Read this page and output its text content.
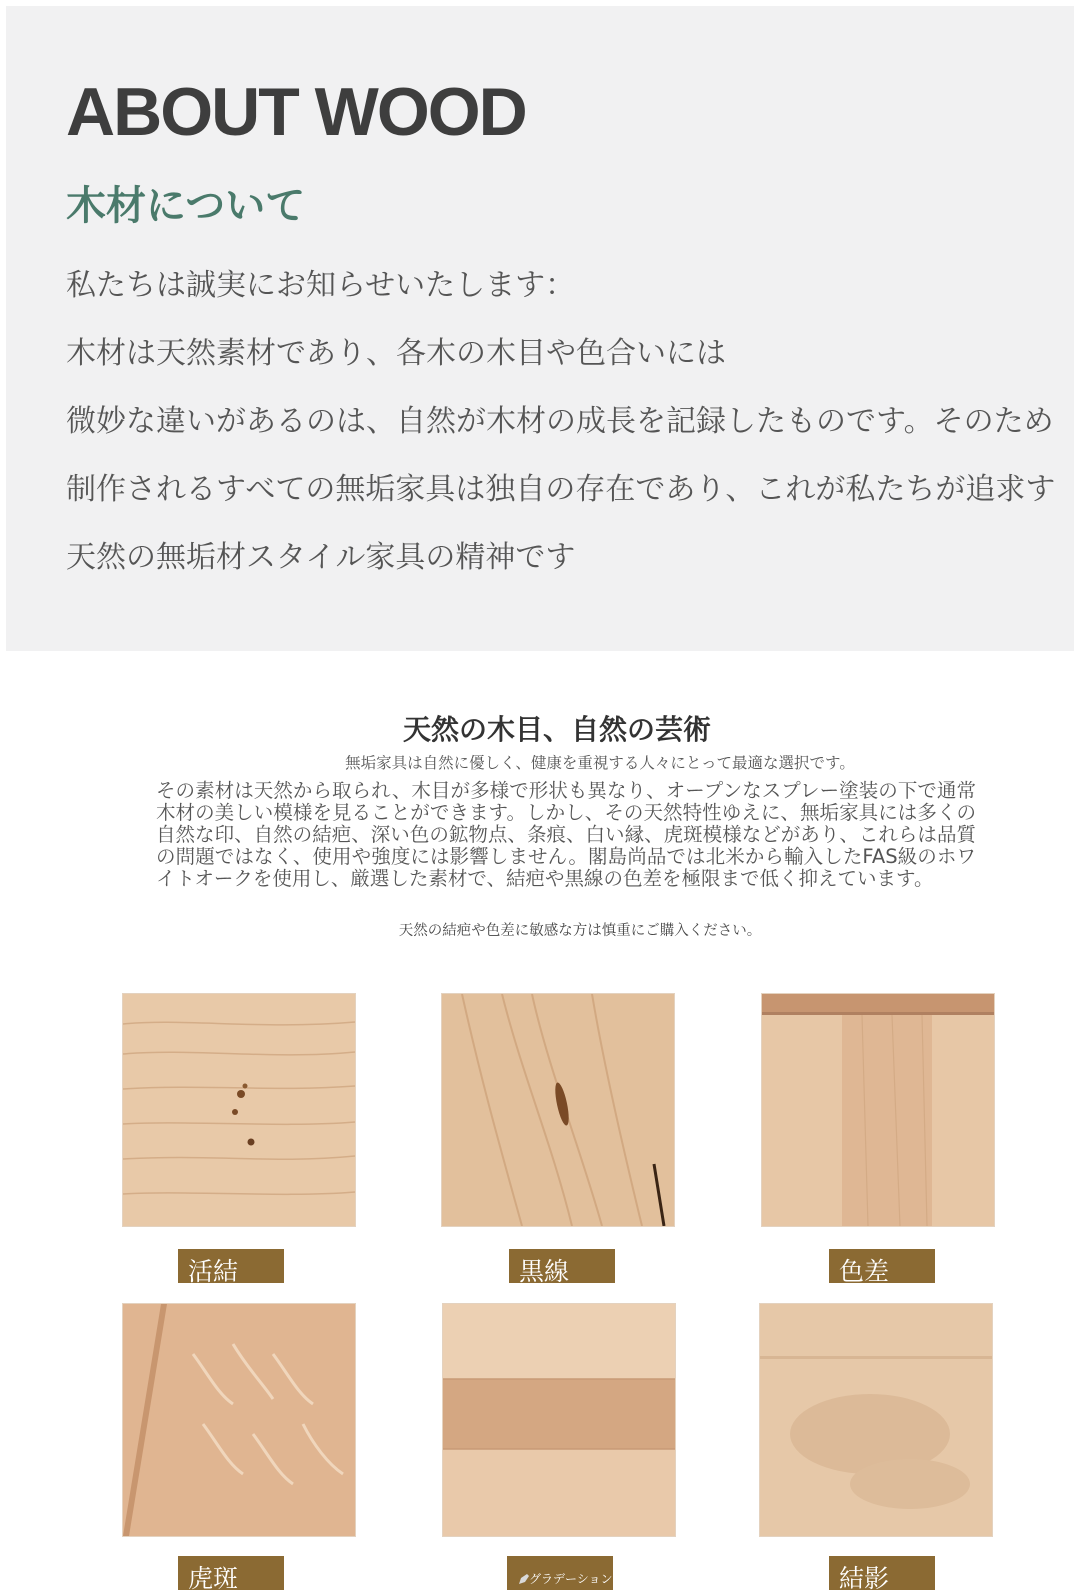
ABOUT WOOD
木材について

私たちは誠実にお知らせいたします：

木材は天然素材であり、各木の木目や色合いには

微妙な違いがあるのは、自然が木材の成長を記録したものです。そのため

制作されるすべての無垢家具は独自の存在であり、これが私たちが追求す

天然の無垢材スタイル家具の精神です

天然の木目、自然の芸術

無垢家具は自然に優しく、健康を重視する人々にとって最適な選択です。

その素材は天然から取られ、木目が多様で形状も異なり、オープンなスプレー塗装の下で通常木材の美しい模様を見ることができます。しかし、その天然特性ゆえに、無垢家具には多くの自然な印、自然の結疤、深い色の鉱物点、条痕、白い縁、虎斑模様などがあり、これらは品質の問題ではなく、使用や強度には影響しません。閣島尚品では北米から輸入したFAS級のホワイトオークを使用し、厳選した素材で、結疤や黒線の色差を極限まで低く抑えています。

天然の結疤や色差に敏感な方は慎重にご購入ください。

活結	黒線	色差
虎斑	グラデーション	結影
